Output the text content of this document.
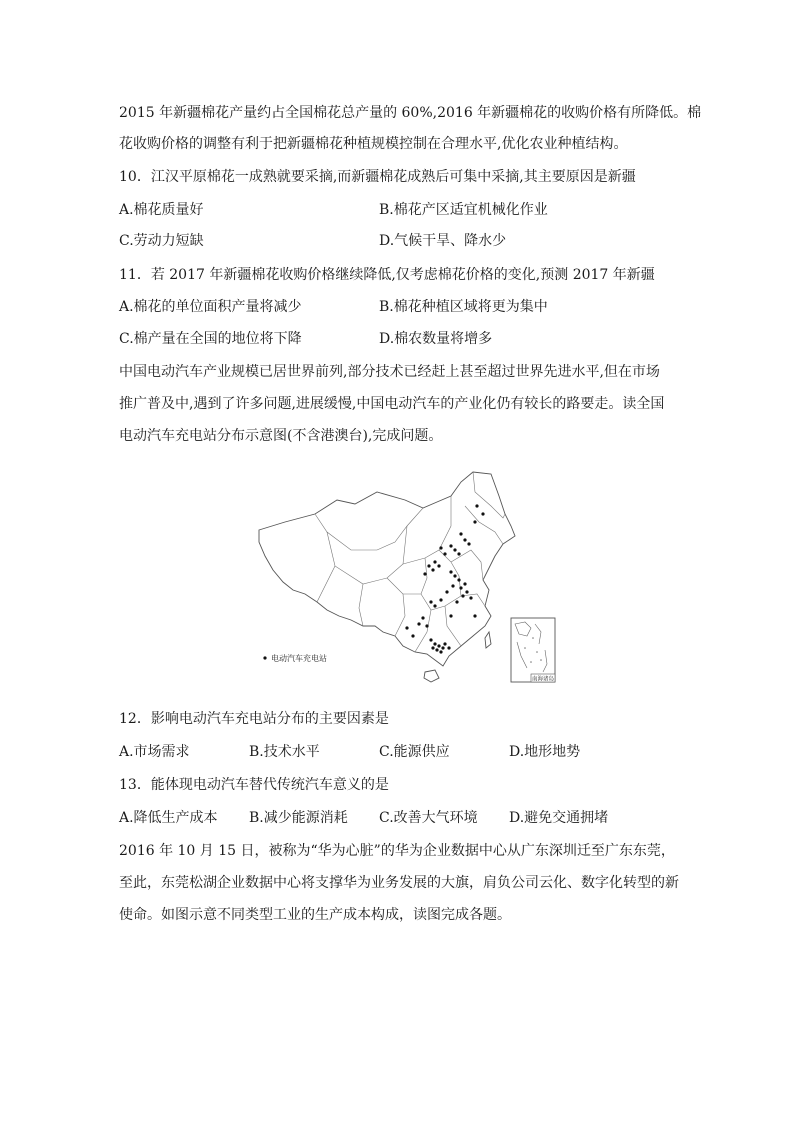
2015 年新疆棉花产量约占全国棉花总产量的 60%,2016 年新疆棉花的收购价格有所降低。棉
花收购价格的调整有利于把新疆棉花种植规模控制在合理水平,优化农业种植结构。
10．江汉平原棉花一成熟就要采摘,而新疆棉花成熟后可集中采摘,其主要原因是新疆
A.棉花质量好	B.棉花产区适宜机械化作业
C.劳动力短缺	D.气候干旱、降水少
11．若 2017 年新疆棉花收购价格继续降低,仅考虑棉花价格的变化,预测 2017 年新疆
A.棉花的单位面积产量将减少	B.棉花种植区域将更为集中
C.棉产量在全国的地位将下降	D.棉农数量将增多
中国电动汽车产业规模已居世界前列,部分技术已经赶上甚至超过世界先进水平,但在市场
推广普及中,遇到了许多问题,进展缓慢,中国电动汽车的产业化仍有较长的路要走。读全国
电动汽车充电站分布示意图(不含港澳台),完成问题。
电动汽车充电站
南海诸岛
12．影响电动汽车充电站分布的主要因素是
A.市场需求	B.技术水平	C.能源供应	D.地形地势
13．能体现电动汽车替代传统汽车意义的是
A.降低生产成本 B.减少能源消耗 C.改善大气环境 D.避免交通拥堵
2016 年 10 月 15 日，被称为“华为心脏”的华为企业数据中心从广东深圳迁至广东东莞，
至此，东莞松湖企业数据中心将支撑华为业务发展的大旗，肩负公司云化、数字化转型的新
使命。如图示意不同类型工业的生产成本构成，读图完成各题。
